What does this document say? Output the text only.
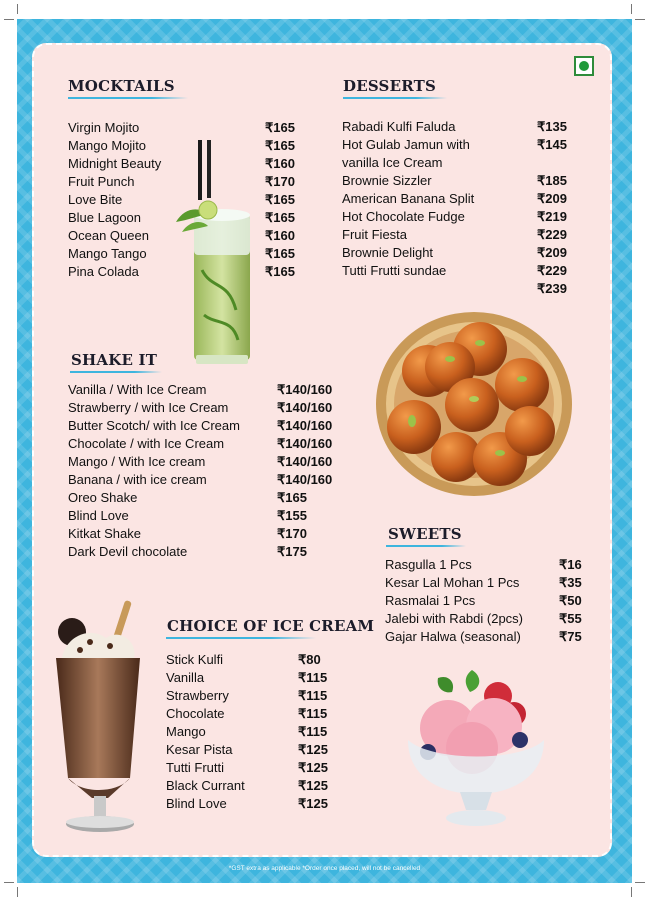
MOCKTAILS
Virgin Mojito	₹165
Mango Mojito	₹165
Midnight Beauty	₹160
Fruit Punch	₹170
Love Bite	₹165
Blue Lagoon	₹165
Ocean Queen	₹160
Mango Tango	₹165
Pina Colada	₹165
DESSERTS
Rabadi Kulfi Faluda	₹135
Hot Gulab Jamun with	₹145
vanilla Ice Cream
Brownie Sizzler	₹185
American Banana Split	₹209
Hot Chocolate Fudge	₹219
Fruit Fiesta	₹229
Brownie Delight	₹209
Tutti Frutti sundae	₹229
₹239
SHAKE IT
Vanilla / With Ice Cream	₹140/160
Strawberry / with Ice Cream	₹140/160
Butter Scotch/ with Ice Cream	₹140/160
Chocolate / with Ice Cream	₹140/160
Mango / With Ice cream	₹140/160
Banana / with ice cream	₹140/160
Oreo Shake	₹165
Blind Love	₹155
Kitkat Shake	₹170
Dark Devil chocolate	₹175
SWEETS
Rasgulla 1 Pcs	₹16
Kesar Lal Mohan 1 Pcs	₹35
Rasmalai 1 Pcs	₹50
Jalebi with Rabdi (2pcs)	₹55
Gajar Halwa (seasonal)	₹75
CHOICE OF ICE CREAM
Stick Kulfi	₹80
Vanilla	₹115
Strawberry	₹115
Chocolate	₹115
Mango	₹115
Kesar Pista	₹125
Tutti Frutti	₹125
Black Currant	₹125
Blind Love	₹125
*GST extra as applicable *Order once placed, will not be cancelled
